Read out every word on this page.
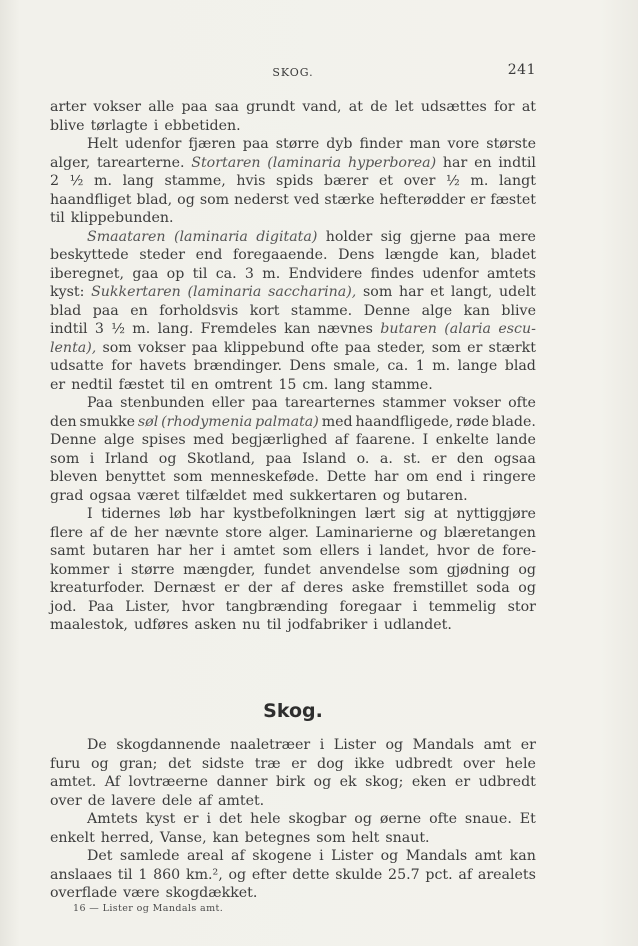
SKOG.	241
arter vokser alle paa saa grundt vand, at de let udsættes for at
blive tørlagte i ebbetiden.
Helt udenfor fjæren paa større dyb finder man vore største
alger, tarearterne. Stortaren (laminaria hyperborea) har en indtil
2 ½ m. lang stamme, hvis spids bærer et over ½ m. langt
haandfliget blad, og som nederst ved stærke hefterødder er fæstet
til klippebunden.
Smaataren (laminaria digitata) holder sig gjerne paa mere
beskyttede steder end foregaaende. Dens længde kan, bladet
iberegnet, gaa op til ca. 3 m. Endvidere findes udenfor amtets
kyst: Sukkertaren (laminaria saccharina), som har et langt, udelt
blad paa en forholdsvis kort stamme. Denne alge kan blive
indtil 3 ½ m. lang. Fremdeles kan nævnes butaren (alaria escu-
lenta), som vokser paa klippebund ofte paa steder, som er stærkt
udsatte for havets brændinger. Dens smale, ca. 1 m. lange blad
er nedtil fæstet til en omtrent 15 cm. lang stamme.
Paa stenbunden eller paa tarearternes stammer vokser ofte
den smukke søl (rhodymenia palmata) med haandfligede, røde blade.
Denne alge spises med begjærlighed af faarene. I enkelte lande
som i Irland og Skotland, paa Island o. a. st. er den ogsaa
bleven benyttet som menneskeføde. Dette har om end i ringere
grad ogsaa været tilfældet med sukkertaren og butaren.
I tidernes løb har kystbefolkningen lært sig at nyttiggjøre
flere af de her nævnte store alger. Laminarierne og blæretangen
samt butaren har her i amtet som ellers i landet, hvor de fore-
kommer i større mængder, fundet anvendelse som gjødning og
kreaturfoder. Dernæst er der af deres aske fremstillet soda og
jod. Paa Lister, hvor tangbrænding foregaar i temmelig stor
maalestok, udføres asken nu til jodfabriker i udlandet.
Skog.
De skogdannende naaletræer i Lister og Mandals amt er
furu og gran; det sidste træ er dog ikke udbredt over hele
amtet. Af lovtræerne danner birk og ek skog; eken er udbredt
over de lavere dele af amtet.
Amtets kyst er i det hele skogbar og øerne ofte snaue. Et
enkelt herred, Vanse, kan betegnes som helt snaut.
Det samlede areal af skogene i Lister og Mandals amt kan
anslaaes til 1 860 km.², og efter dette skulde 25.7 pct. af arealets
overflade være skogdækket.
16 — Lister og Mandals amt.
